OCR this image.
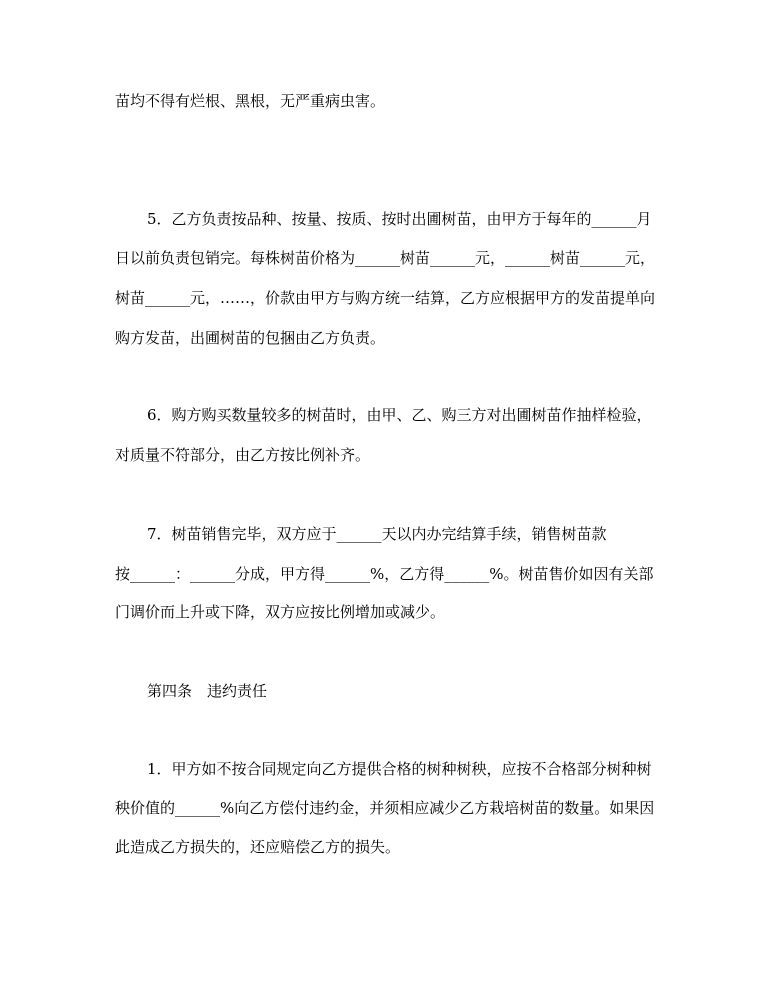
苗均不得有烂根、黑根，无严重病虫害。
5．乙方负责按品种、按量、按质、按时出圃树苗，由甲方于每年的______月
日以前负责包销完。每株树苗价格为______树苗______元，______树苗______元，
树苗______元，……，价款由甲方与购方统一结算，乙方应根据甲方的发苗提单向
购方发苗，出圃树苗的包捆由乙方负责。
6．购方购买数量较多的树苗时，由甲、乙、购三方对出圃树苗作抽样检验，
对质量不符部分，由乙方按比例补齐。
7．树苗销售完毕，双方应于______天以内办完结算手续，销售树苗款
按______：______分成，甲方得______%，乙方得______%。树苗售价如因有关部
门调价而上升或下降，双方应按比例增加或减少。
第四条　违约责任
1．甲方如不按合同规定向乙方提供合格的树种树秧，应按不合格部分树种树
秧价值的______%向乙方偿付违约金，并须相应减少乙方栽培树苗的数量。如果因
此造成乙方损失的，还应赔偿乙方的损失。
